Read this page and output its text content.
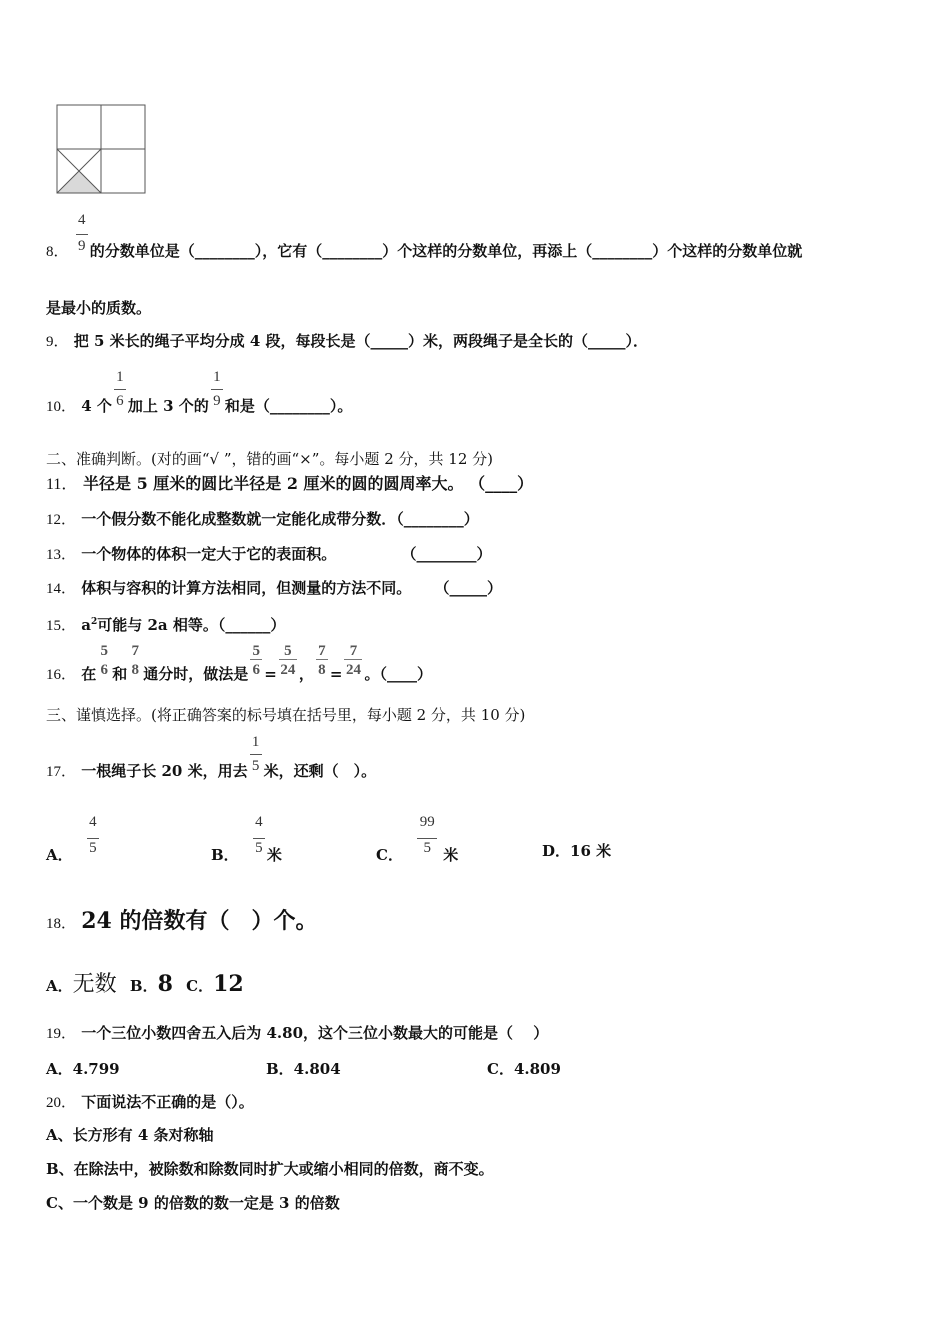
8． $\frac{4}{9}$ 的分数单位是（________），它有（________）个这样的分数单位，再添上（________）个这样的分数单位就
是最小的质数。
9． 把 5 米长的绳子平均分成 4 段，每段长是（_____）米，两段绳子是全长的（_____）．
10． 4 个 $\frac{1}{6}$ 加上 3 个的 $\frac{1}{9}$ 和是（________）。
二、准确判断。(对的画“√ ”，错的画“×”。每小题 2 分，共 12 分)
11． 半径是 5 厘米的圆比半径是 2 厘米的圆的圆周率大。 （____）
12． 一个假分数不能化成整数就一定能化成带分数．（________）
13． 一个物体的体积一定大于它的表面积。	（________）
14． 体积与容积的计算方法相同，但测量的方法不同。 （_____）
15． $a^2$可能与 2a 相等。（______）
16． 在
5
6 和
7
8 通分时，做法是 $\frac{5}{6} = \frac{5}{24}$ ， $\frac{7}{8} = \frac{7}{24}$ 。（____）
三、谨慎选择。(将正确答案的标号填在括号里，每小题 2 分，共 10 分)
17． 一根绳子长 20 米，用去 $\frac{1}{5}$ 米，还剩（　）。
A． $\frac{4}{5}$	B． $\frac{4}{5}$ 米	C． $\frac{99}{5}$ 米	D．16 米
18． 24 的倍数有（　）个。
A．无数 B．8 C．12
19． 一个三位小数四舍五入后为 4.80，这个三位小数最大的可能是（　 ）
A．4.799	B．4.804	C．4.809
20． 下面说法不正确的是（）。
A、长方形有 4 条对称轴
B、在除法中，被除数和除数同时扩大或缩小相同的倍数，商不变。
C、一个数是 9 的倍数的数一定是 3 的倍数
